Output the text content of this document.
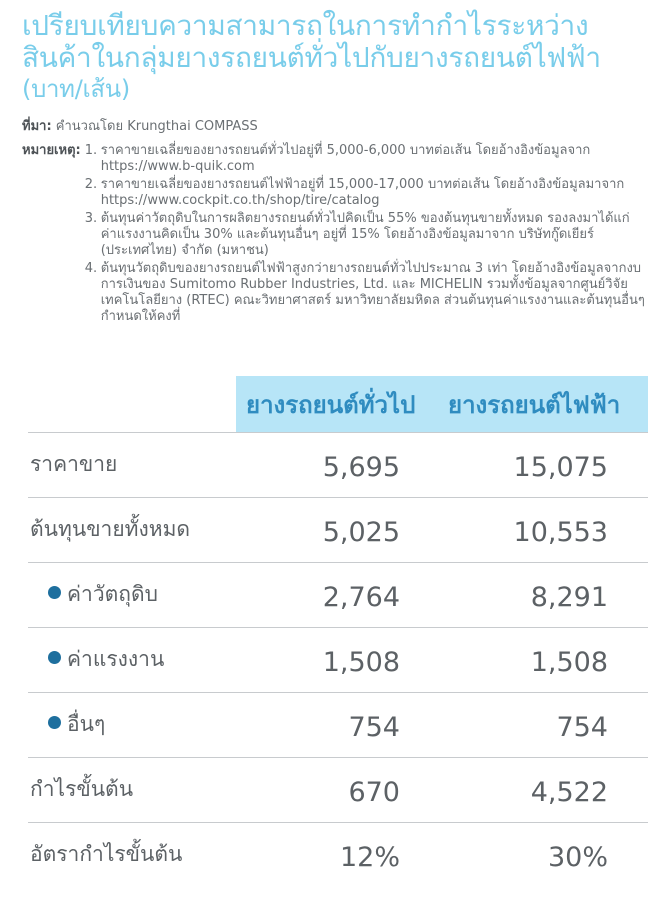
เปรียบเทียบความสามารถในการทำกำไรระหว่าง
สินค้าในกลุ่มยางรถยนต์ทั่วไปกับยางรถยนต์ไฟฟ้า
(บาท/เส้น)
ที่มา: คำนวณโดย Krungthai COMPASS
หมายเหตุ: 1. ราคาขายเฉลี่ยของยางรถยนต์ทั่วไปอยู่ที่ 5,000-6,000 บาทต่อเส้น โดยอ้างอิงข้อมูลจาก https://www.b-quik.com
2. ราคาขายเฉลี่ยของยางรถยนต์ไฟฟ้าอยู่ที่ 15,000-17,000 บาทต่อเส้น โดยอ้างอิงข้อมูลมาจาก https://www.cockpit.co.th/shop/tire/catalog
3. ต้นทุนค่าวัตถุดิบในการผลิตยางรถยนต์ทั่วไปคิดเป็น 55% ของต้นทุนขายทั้งหมด รองลงมาได้แก่ ค่าแรงงานคิดเป็น 30% และต้นทุนอื่นๆ อยู่ที่ 15% โดยอ้างอิงข้อมูลมาจาก บริษัทกู๊ดเยียร์ (ประเทศไทย) จำกัด (มหาชน)
4. ต้นทุนวัตถุดิบของยางรถยนต์ไฟฟ้าสูงกว่ายางรถยนต์ทั่วไปประมาณ 3 เท่า โดยอ้างอิงข้อมูลจากงบการเงินของ Sumitomo Rubber Industries, Ltd. และ MICHELIN รวมทั้งข้อมูลจากศูนย์วิจัยเทคโนโลยียาง (RTEC) คณะวิทยาศาสตร์ มหาวิทยาลัยมหิดล ส่วนต้นทุนค่าแรงงานและต้นทุนอื่นๆ กำหนดให้คงที่
ยางรถยนต์ทั่วไป ยางรถยนต์ไฟฟ้า
ราคาขาย	5,695	15,075
ต้นทุนขายทั้งหมด	5,025	10,553
ค่าวัตถุดิบ	2,764	8,291
ค่าแรงงาน	1,508	1,508
อื่นๆ	754	754
กำไรขั้นต้น	670	4,522
อัตรากำไรขั้นต้น	12%	30%
